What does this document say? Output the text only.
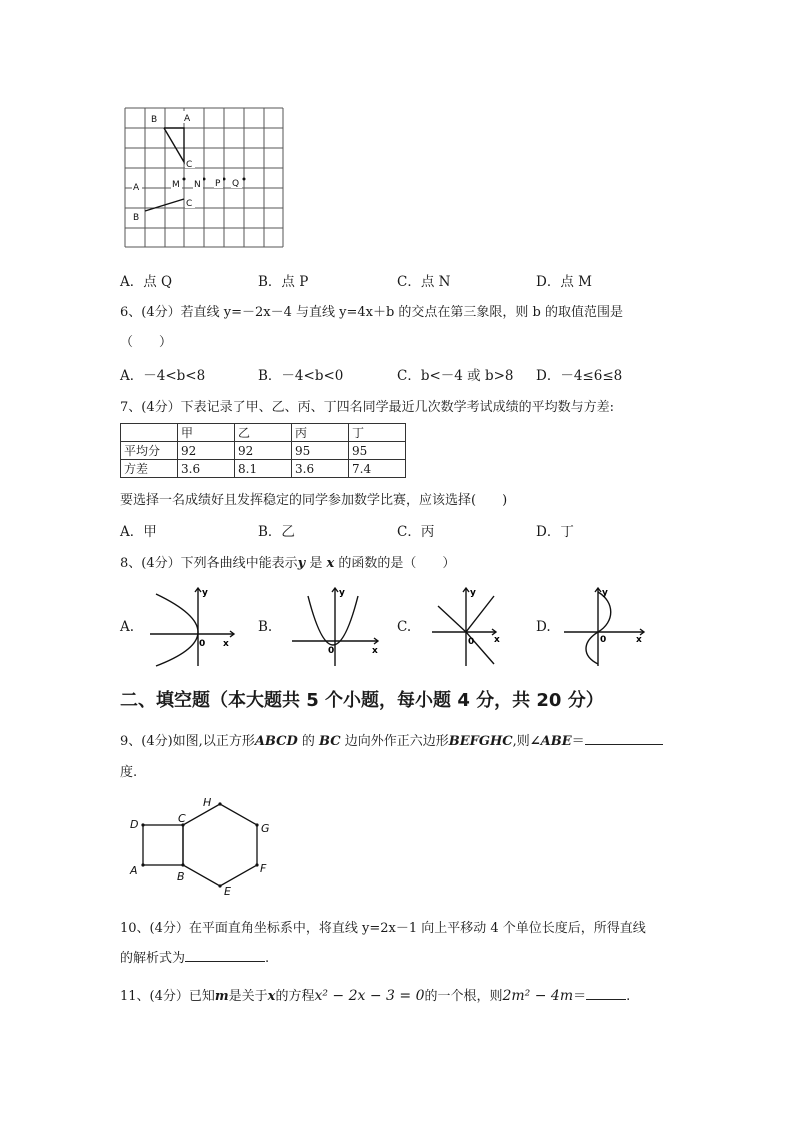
B	A
C
A
B
C
M N P Q
A．点 Q	B．点 P	C．点 N	D．点 M
6、(4分）若直线 y=－2x－4 与直线 y=4x＋b 的交点在第三象限，则 b 的取值范围是
（　　）
A．－4<b<8	B．－4<b<0	C．b<－4 或 b>8 D．－4≤6≤8
7、(4分）下表记录了甲、乙、丙、丁四名同学最近几次数学考试成绩的平均数与方差:
	甲	乙	丙	丁
平均分	92	92	95	95
方差	3.6	8.1	3.6	7.4
要选择一名成绩好且发挥稳定的同学参加数学比赛，应该选择(　　)
A．甲	B．乙	C．丙	D．丁
8、(4分）下列各曲线中能表示y 是 x 的函数的是（　　）
A.	B.	C.	D.
y
x
0
y
x
0
y
x
0
y
x
0
二、填空题（本大题共 5 个小题，每小题 4 分，共 20 分）
9、(4分)如图,以正方形ABCD 的 BC 边向外作正六边形BEFGHC,则∠ABE＝
度.
D
A
C
B
H
G
F
E
10、(4分）在平面直角坐标系中，将直线 y=2x－1 向上平移动 4 个单位长度后，所得直线
的解析式为	.
11、(4分）已知m是关于x的方程x² − 2x − 3 = 0的一个根，则2m² − 4m＝	.
